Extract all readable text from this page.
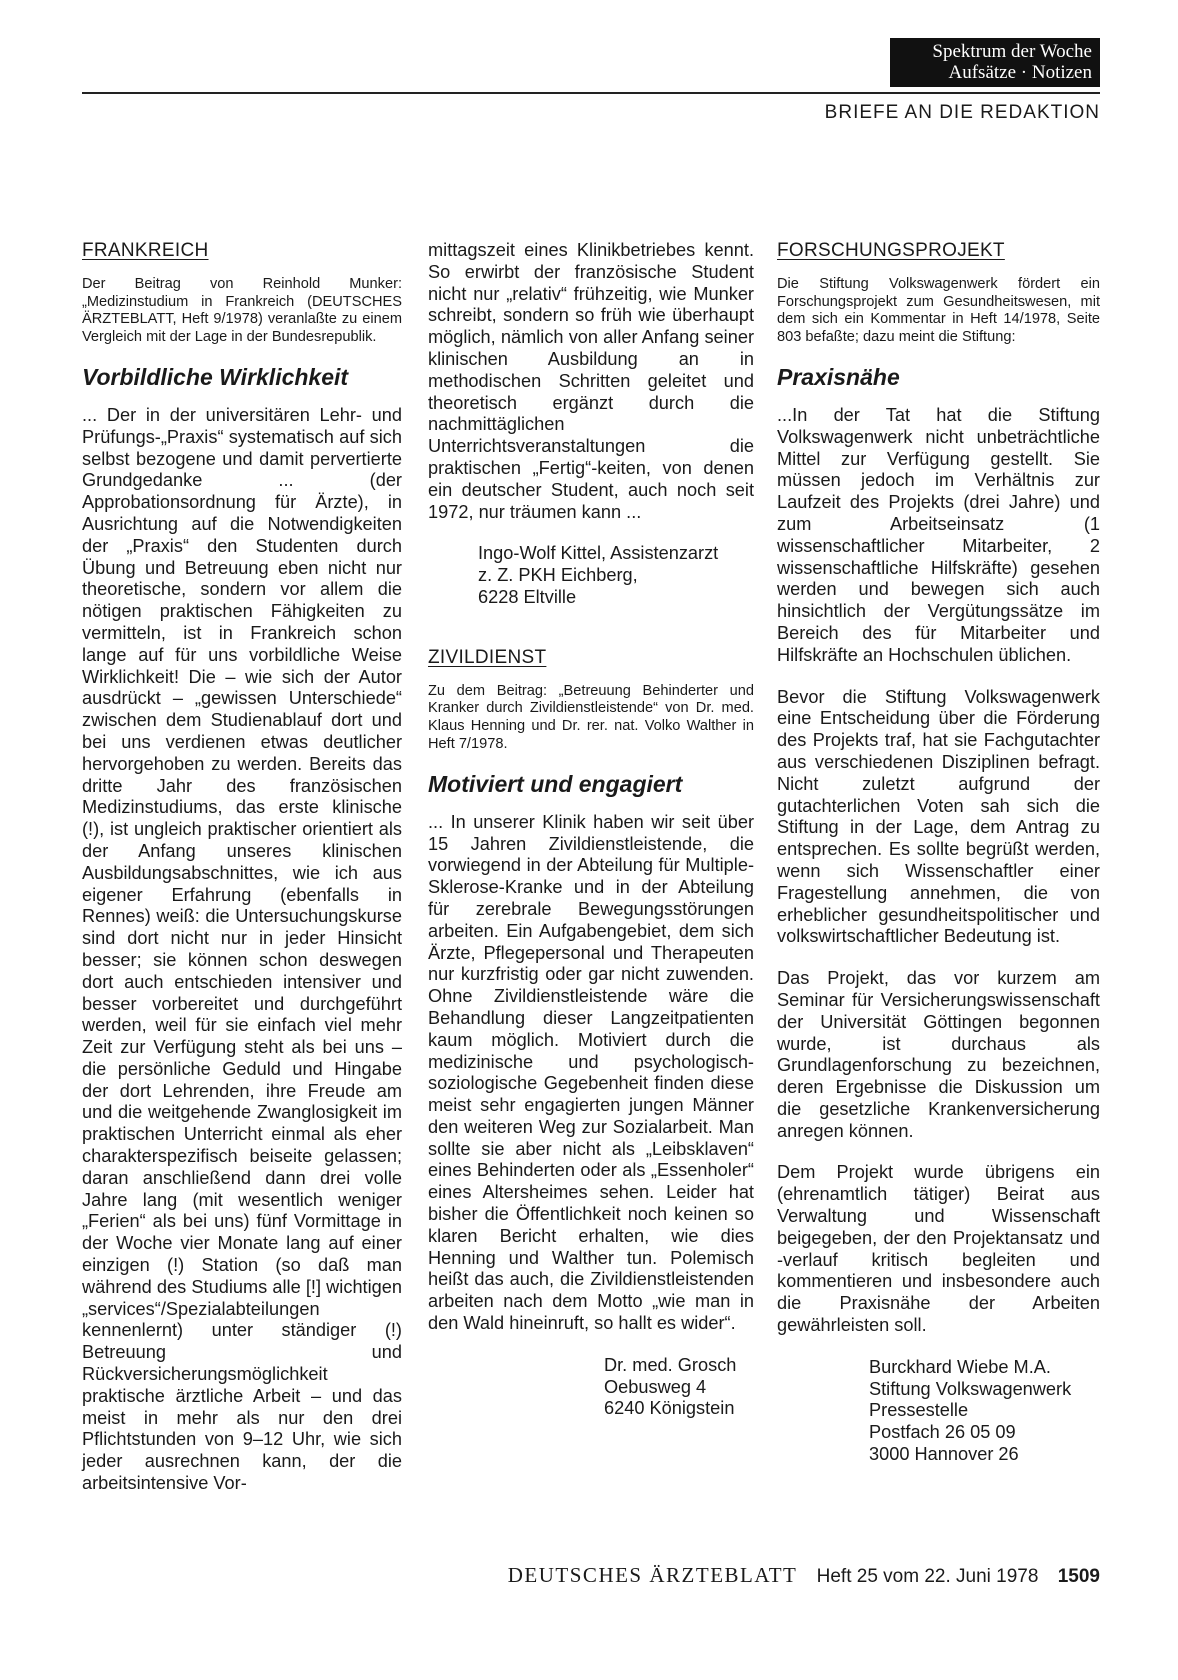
Spektrum der Woche
Aufsätze · Notizen
BRIEFE AN DIE REDAKTION
FRANKREICH
Der Beitrag von Reinhold Munker: „Medizinstudium in Frankreich (DEUTSCHES ÄRZTEBLATT, Heft 9/1978) veranlaßte zu einem Vergleich mit der Lage in der Bundesrepublik.
Vorbildliche Wirklichkeit
... Der in der universitären Lehr- und Prüfungs-„Praxis“ systematisch auf sich selbst bezogene und damit pervertierte Grundgedanke ... (der Approbationsordnung für Ärzte), in Ausrichtung auf die Notwendigkeiten der „Praxis“ den Studenten durch Übung und Betreuung eben nicht nur theoretische, sondern vor allem die nötigen praktischen Fähigkeiten zu vermitteln, ist in Frankreich schon lange auf für uns vorbildliche Weise Wirklichkeit! Die – wie sich der Autor ausdrückt – „gewissen Unterschiede“ zwischen dem Studienablauf dort und bei uns verdienen etwas deutlicher hervorgehoben zu werden. Bereits das dritte Jahr des französischen Medizinstudiums, das erste klinische (!), ist ungleich praktischer orientiert als der Anfang unseres klinischen Ausbildungsabschnittes, wie ich aus eigener Erfahrung (ebenfalls in Rennes) weiß: die Untersuchungskurse sind dort nicht nur in jeder Hinsicht besser; sie können schon deswegen dort auch entschieden intensiver und besser vorbereitet und durchgeführt werden, weil für sie einfach viel mehr Zeit zur Verfügung steht als bei uns – die persönliche Geduld und Hingabe der dort Lehrenden, ihre Freude am und die weitgehende Zwanglosigkeit im praktischen Unterricht einmal als eher charakterspezifisch beiseite gelassen; daran anschließend dann drei volle Jahre lang (mit wesentlich weniger „Ferien“ als bei uns) fünf Vormittage in der Woche vier Monate lang auf einer einzigen (!) Station (so daß man während des Studiums alle [!] wichtigen „services“/Spezialabteilungen kennenlernt) unter ständiger (!) Betreuung und Rückversicherungsmöglichkeit praktische ärztliche Arbeit – und das meist in mehr als nur den drei Pflichtstunden von 9–12 Uhr, wie sich jeder ausrechnen kann, der die arbeitsintensive Vor-
mittagszeit eines Klinikbetriebes kennt. So erwirbt der französische Student nicht nur „relativ“ frühzeitig, wie Munker schreibt, sondern so früh wie überhaupt möglich, nämlich von aller Anfang seiner klinischen Ausbildung an in methodischen Schritten geleitet und theoretisch ergänzt durch die nachmittäglichen Unterrichtsveranstaltungen die praktischen „Fertig“-keiten, von denen ein deutscher Student, auch noch seit 1972, nur träumen kann ...
Ingo-Wolf Kittel, Assistenzarzt
z. Z. PKH Eichberg,
6228 Eltville
ZIVILDIENST
Zu dem Beitrag: „Betreuung Behinderter und Kranker durch Zivildienstleistende“ von Dr. med. Klaus Henning und Dr. rer. nat. Volko Walther in Heft 7/1978.
Motiviert und engagiert
... In unserer Klinik haben wir seit über 15 Jahren Zivildienstleistende, die vorwiegend in der Abteilung für Multiple-Sklerose-Kranke und in der Abteilung für zerebrale Bewegungsstörungen arbeiten. Ein Aufgabengebiet, dem sich Ärzte, Pflegepersonal und Therapeuten nur kurzfristig oder gar nicht zuwenden. Ohne Zivildienstleistende wäre die Behandlung dieser Langzeitpatienten kaum möglich. Motiviert durch die medizinische und psychologisch-soziologische Gegebenheit finden diese meist sehr engagierten jungen Männer den weiteren Weg zur Sozialarbeit. Man sollte sie aber nicht als „Leibsklaven“ eines Behinderten oder als „Essenholer“ eines Altersheimes sehen. Leider hat bisher die Öffentlichkeit noch keinen so klaren Bericht erhalten, wie dies Henning und Walther tun. Polemisch heißt das auch, die Zivildienstleistenden arbeiten nach dem Motto „wie man in den Wald hineinruft, so hallt es wider“.
Dr. med. Grosch
Oebusweg 4
6240 Königstein
FORSCHUNGSPROJEKT
Die Stiftung Volkswagenwerk fördert ein Forschungsprojekt zum Gesundheitswesen, mit dem sich ein Kommentar in Heft 14/1978, Seite 803 befaßte; dazu meint die Stiftung:
Praxisnähe
...In der Tat hat die Stiftung Volkswagenwerk nicht unbeträchtliche Mittel zur Verfügung gestellt. Sie müssen jedoch im Verhältnis zur Laufzeit des Projekts (drei Jahre) und zum Arbeitseinsatz (1 wissenschaftlicher Mitarbeiter, 2 wissenschaftliche Hilfskräfte) gesehen werden und bewegen sich auch hinsichtlich der Vergütungssätze im Bereich des für Mitarbeiter und Hilfskräfte an Hochschulen üblichen.
Bevor die Stiftung Volkswagenwerk eine Entscheidung über die Förderung des Projekts traf, hat sie Fachgutachter aus verschiedenen Disziplinen befragt. Nicht zuletzt aufgrund der gutachterlichen Voten sah sich die Stiftung in der Lage, dem Antrag zu entsprechen. Es sollte begrüßt werden, wenn sich Wissenschaftler einer Fragestellung annehmen, die von erheblicher gesundheitspolitischer und volkswirtschaftlicher Bedeutung ist.
Das Projekt, das vor kurzem am Seminar für Versicherungswissenschaft der Universität Göttingen begonnen wurde, ist durchaus als Grundlagenforschung zu bezeichnen, deren Ergebnisse die Diskussion um die gesetzliche Krankenversicherung anregen können.
Dem Projekt wurde übrigens ein (ehrenamtlich tätiger) Beirat aus Verwaltung und Wissenschaft beigegeben, der den Projektansatz und -verlauf kritisch begleiten und kommentieren und insbesondere auch die Praxisnähe der Arbeiten gewährleisten soll.
Burckhard Wiebe M.A.
Stiftung Volkswagenwerk
Pressestelle
Postfach 26 05 09
3000 Hannover 26
DEUTSCHES ÄRZTEBLATT Heft 25 vom 22. Juni 1978 1509
